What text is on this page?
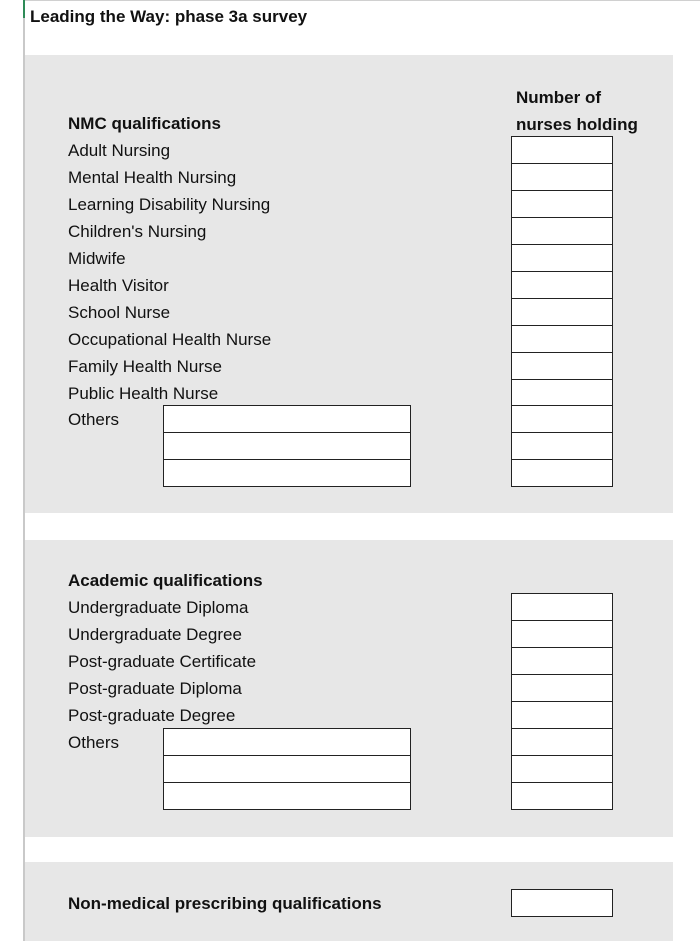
Leading the Way: phase 3a survey
Number of
nurses holding
NMC qualifications
Adult Nursing
Mental Health Nursing
Learning Disability Nursing
Children's Nursing
Midwife
Health Visitor
School Nurse
Occupational Health Nurse
Family Health Nurse
Public Health Nurse
Others
Academic qualifications
Undergraduate Diploma
Undergraduate Degree
Post-graduate Certificate
Post-graduate Diploma
Post-graduate Degree
Others
Non-medical prescribing qualifications
